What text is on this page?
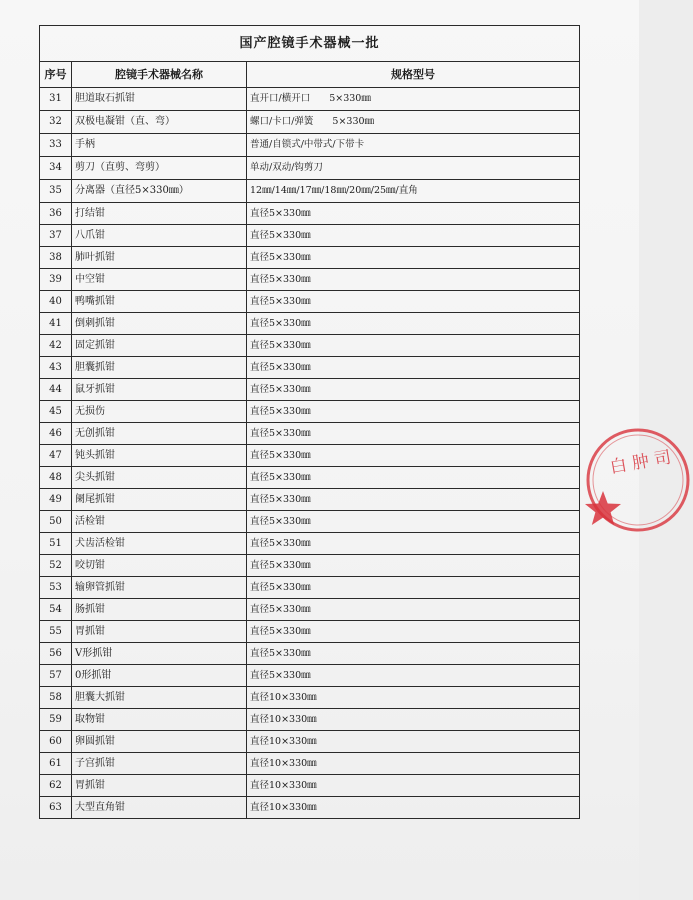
国产腔镜手术器械一批		
序号	腔镜手术器械名称	规格型号
31	胆道取石抓钳	直开口/横开口　　5×330㎜
32	双极电凝钳（直、弯）	螺口/卡口/弹簧　　5×330㎜
33	手柄	普通/自锁式/中带式/下带卡
34	剪刀（直剪、弯剪）	单动/双动/钩剪刀
35	分离器（直径5×330㎜）	12㎜/14㎜/17㎜/18㎜/20㎜/25㎜/直角
36	打结钳	直径5×330㎜
37	八爪钳	直径5×330㎜
38	肺叶抓钳	直径5×330㎜
39	中空钳	直径5×330㎜
40	鸭嘴抓钳	直径5×330㎜
41	倒刺抓钳	直径5×330㎜
42	固定抓钳	直径5×330㎜
43	胆囊抓钳	直径5×330㎜
44	鼠牙抓钳	直径5×330㎜
45	无损伤	直径5×330㎜
46	无创抓钳	直径5×330㎜
47	钝头抓钳	直径5×330㎜
48	尖头抓钳	直径5×330㎜
49	阑尾抓钳	直径5×330㎜
50	活检钳	直径5×330㎜
51	犬齿活检钳	直径5×330㎜
52	咬切钳	直径5×330㎜
53	输卵管抓钳	直径5×330㎜
54	肠抓钳	直径5×330㎜
55	胃抓钳	直径5×330㎜
56	V形抓钳	直径5×330㎜
57	0形抓钳	直径5×330㎜
58	胆囊大抓钳	直径10×330㎜
59	取物钳	直径10×330㎜
60	卵圆抓钳	直径10×330㎜
61	子宫抓钳	直径10×330㎜
62	胃抓钳	直径10×330㎜
63	大型直角钳	直径10×330㎜
白 肿 司
